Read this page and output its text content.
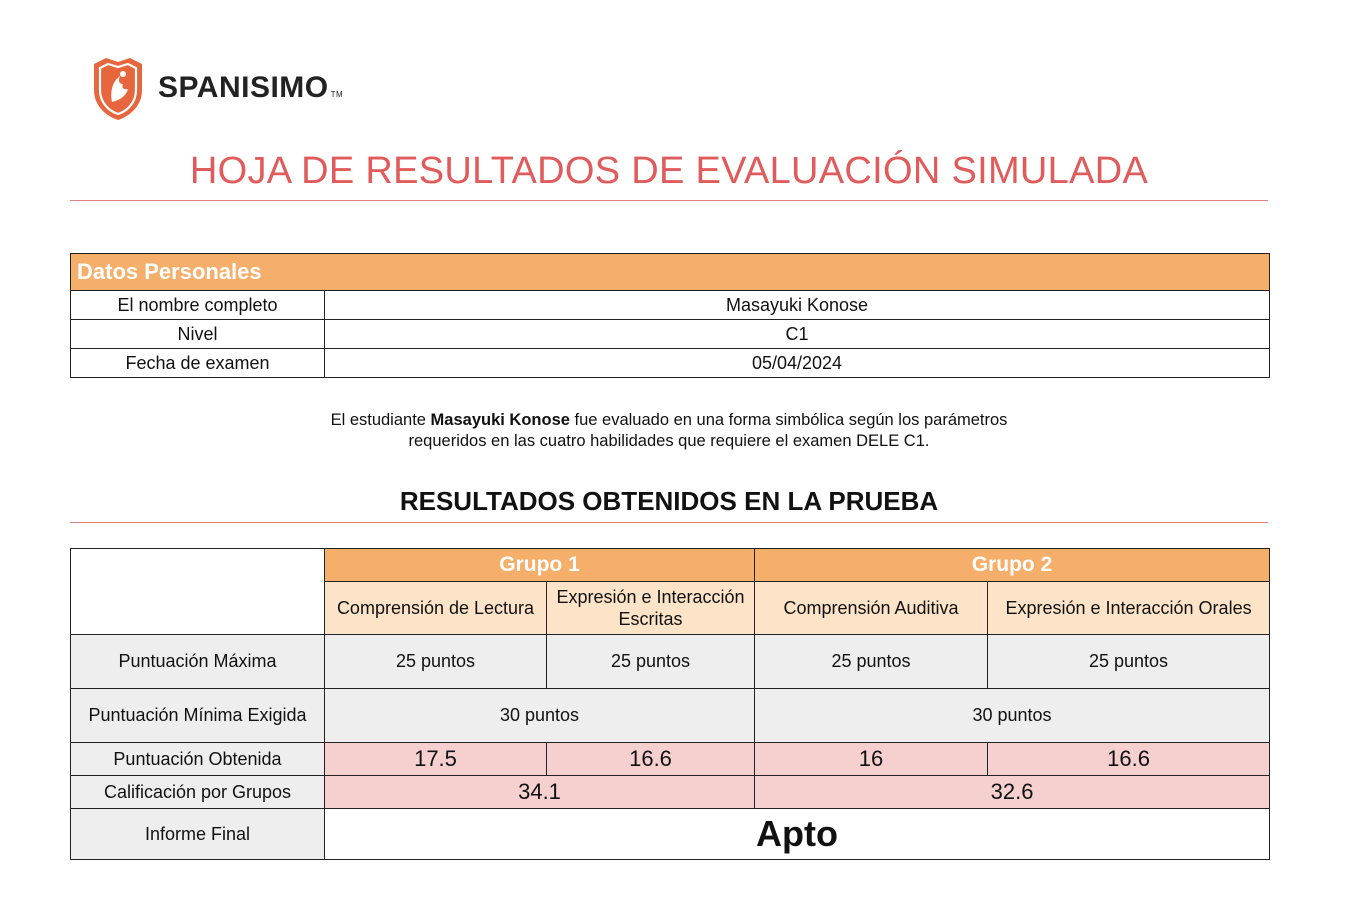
SPANISIMO TM
HOJA DE RESULTADOS DE EVALUACIÓN SIMULADA
Datos Personales	
El nombre completo	Masayuki Konose
Nivel	C1
Fecha de examen	05/04/2024
El estudiante Masayuki Konose fue evaluado en una forma simbólica según los parámetros
requeridos en las cuatro habilidades que requiere el examen DELE C1.
RESULTADOS OBTENIDOS EN LA PRUEBA
	Grupo 1		Grupo 2	
	Comprensión de Lectura	Expresión e Interacción Escritas	Comprensión Auditiva	Expresión e Interacción Orales
Puntuación Máxima	25 puntos	25 puntos	25 puntos	25 puntos
Puntuación Mínima Exigida	30 puntos		30 puntos	
Puntuación Obtenida	17.5	16.6	16	16.6
Calificación por Grupos	34.1		32.6	
Informe Final	Apto			
